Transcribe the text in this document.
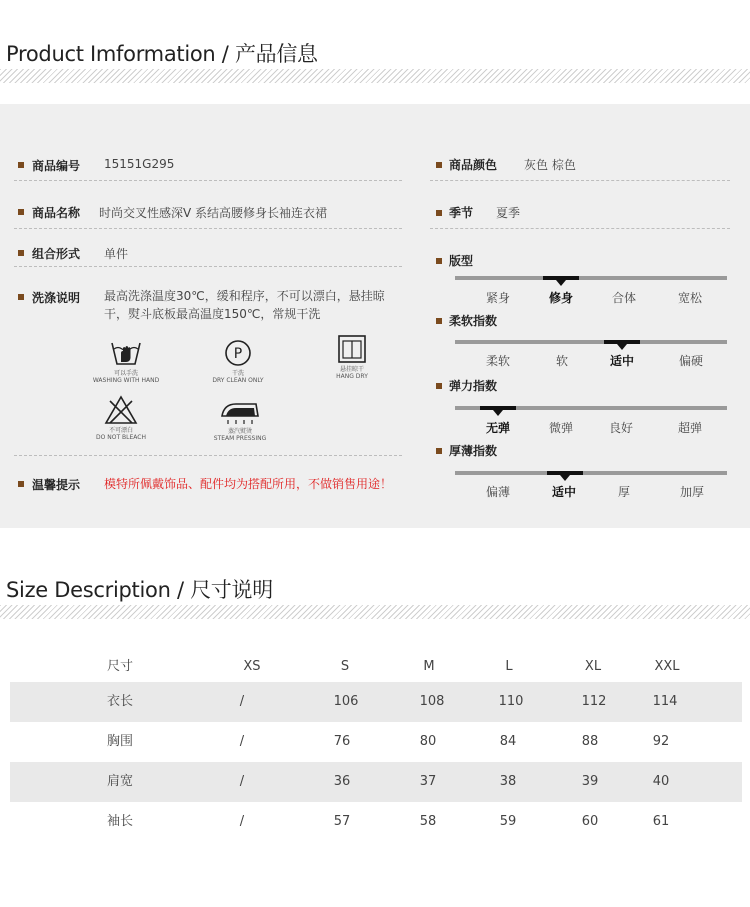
Product Imformation / 产品信息
商品编号 15151G295
商品名称 时尚交叉性感深V 系结高腰修身长袖连衣裙
组合形式 单件
洗涤说明 最高洗涤温度30℃，缓和程序，不可以漂白，悬挂晾干，熨斗底板最高温度150℃，常规干洗
可以手洗
WASHING WITH HAND
P
干洗
DRY CLEAN ONLY
悬挂晾干
HANG DRY
不可漂白
DO NOT BLEACH
蒸汽熨烫
STEAM PRESSING
温馨提示 模特所佩戴饰品、配件均为搭配所用，不做销售用途！
商品颜色 灰色 棕色
季节 夏季
版型
紧身	修身	合体	宽松
柔软指数
柔软	软	适中	偏硬
弹力指数
无弹	微弹	良好	超弹
厚薄指数
偏薄	适中	厚	加厚
Size Description / 尺寸说明
尺寸	XS	S	M	L	XL	XXL
衣长	/	106	108	110	112	114
胸围	/	76	80	84	88	92
肩宽	/	36	37	38	39	40
袖长	/	57	58	59	60	61
